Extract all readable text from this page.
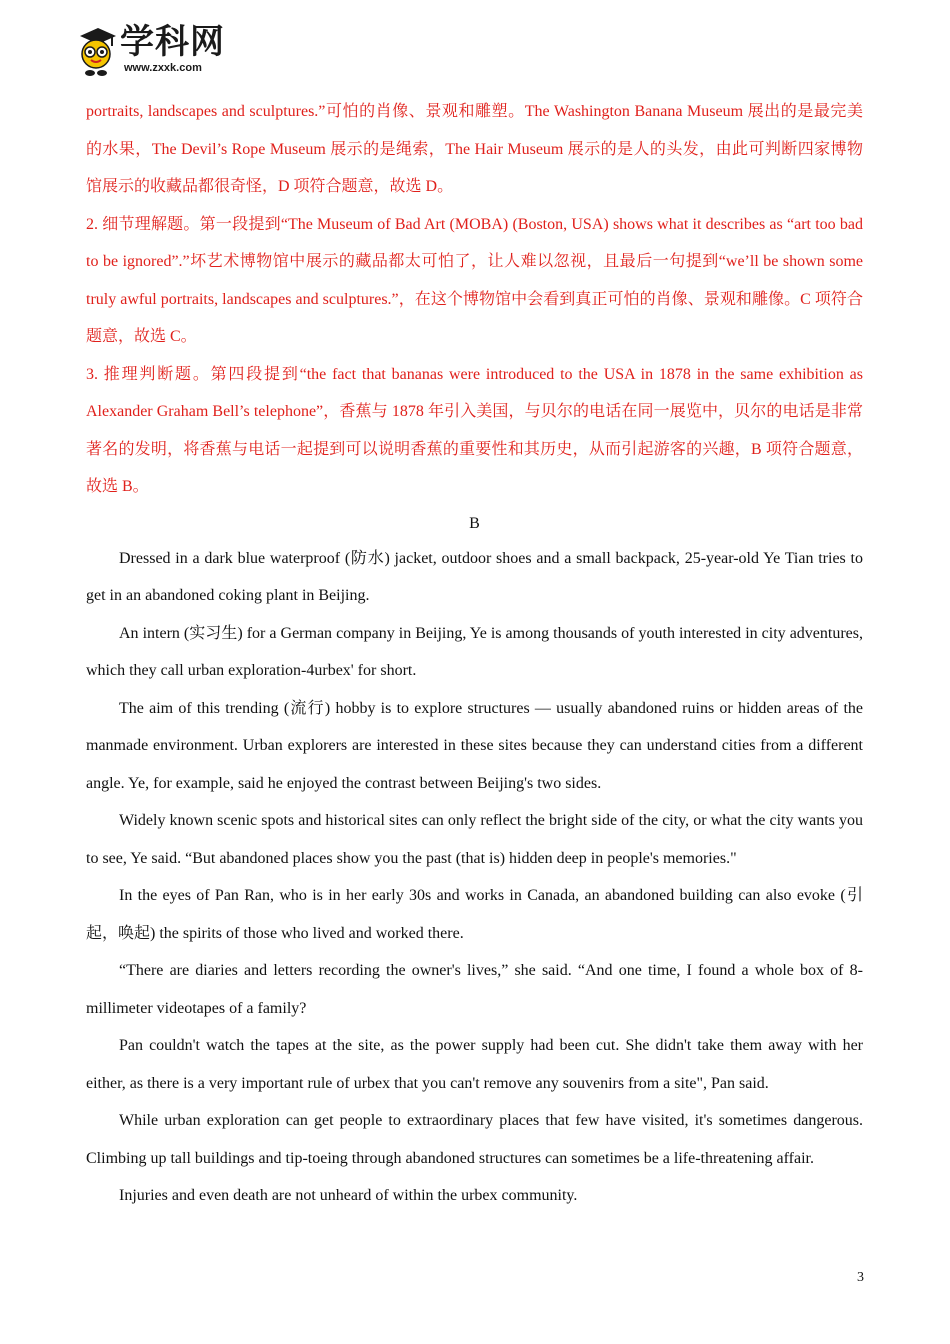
学科网
www.zxxk.com

portraits, landscapes and sculptures.”可怕的肖像、景观和雕塑。The Washington Banana Museum 展出的是最完美的水果，The Devil’s Rope Museum 展示的是绳索，The Hair Museum 展示的是人的头发，由此可判断四家博物馆展示的收藏品都很奇怪，D 项符合题意，故选 D。

2. 细节理解题。第一段提到“The Museum of Bad Art (MOBA) (Boston, USA) shows what it describes as “art too bad to be ignored”.”坏艺术博物馆中展示的藏品都太可怕了，让人难以忽视，且最后一句提到“we’ll be shown some truly awful portraits, landscapes and sculptures.”，在这个博物馆中会看到真正可怕的肖像、景观和雕像。C 项符合题意，故选 C。

3. 推理判断题。第四段提到“the fact that bananas were introduced to the USA in 1878 in the same exhibition as Alexander Graham Bell’s telephone”，香蕉与 1878 年引入美国，与贝尔的电话在同一展览中，贝尔的电话是非常著名的发明，将香蕉与电话一起提到可以说明香蕉的重要性和其历史，从而引起游客的兴趣，B 项符合题意，故选 B。

B

Dressed in a dark blue waterproof (防水) jacket, outdoor shoes and a small backpack, 25-year-old Ye Tian tries to get in an abandoned coking plant in Beijing.

An intern (实习生) for a German company in Beijing, Ye is among thousands of youth interested in city adventures, which they call urban exploration-4urbex' for short.

The aim of this trending (流行) hobby is to explore structures — usually abandoned ruins or hidden areas of the manmade environment. Urban explorers are interested in these sites because they can understand cities from a different angle. Ye, for example, said he enjoyed the contrast between Beijing's two sides.

Widely known scenic spots and historical sites can only reflect the bright side of the city, or what the city wants you to see, Ye said. “But abandoned places show you the past (that is) hidden deep in people's memories."

In the eyes of Pan Ran, who is in her early 30s and works in Canada, an abandoned building can also evoke (引起，唤起) the spirits of those who lived and worked there.

“There are diaries and letters recording the owner's lives,” she said. “And one time, I found a whole box of 8-millimeter videotapes of a family?

Pan couldn't watch the tapes at the site, as the power supply had been cut. She didn't take them away with her either, as there is a very important rule of urbex that you can't remove any souvenirs from a site", Pan said.

While urban exploration can get people to extraordinary places that few have visited, it's sometimes dangerous. Climbing up tall buildings and tip-toeing through abandoned structures can sometimes be a life-threatening affair.

Injuries and even death are not unheard of within the urbex community.

3
